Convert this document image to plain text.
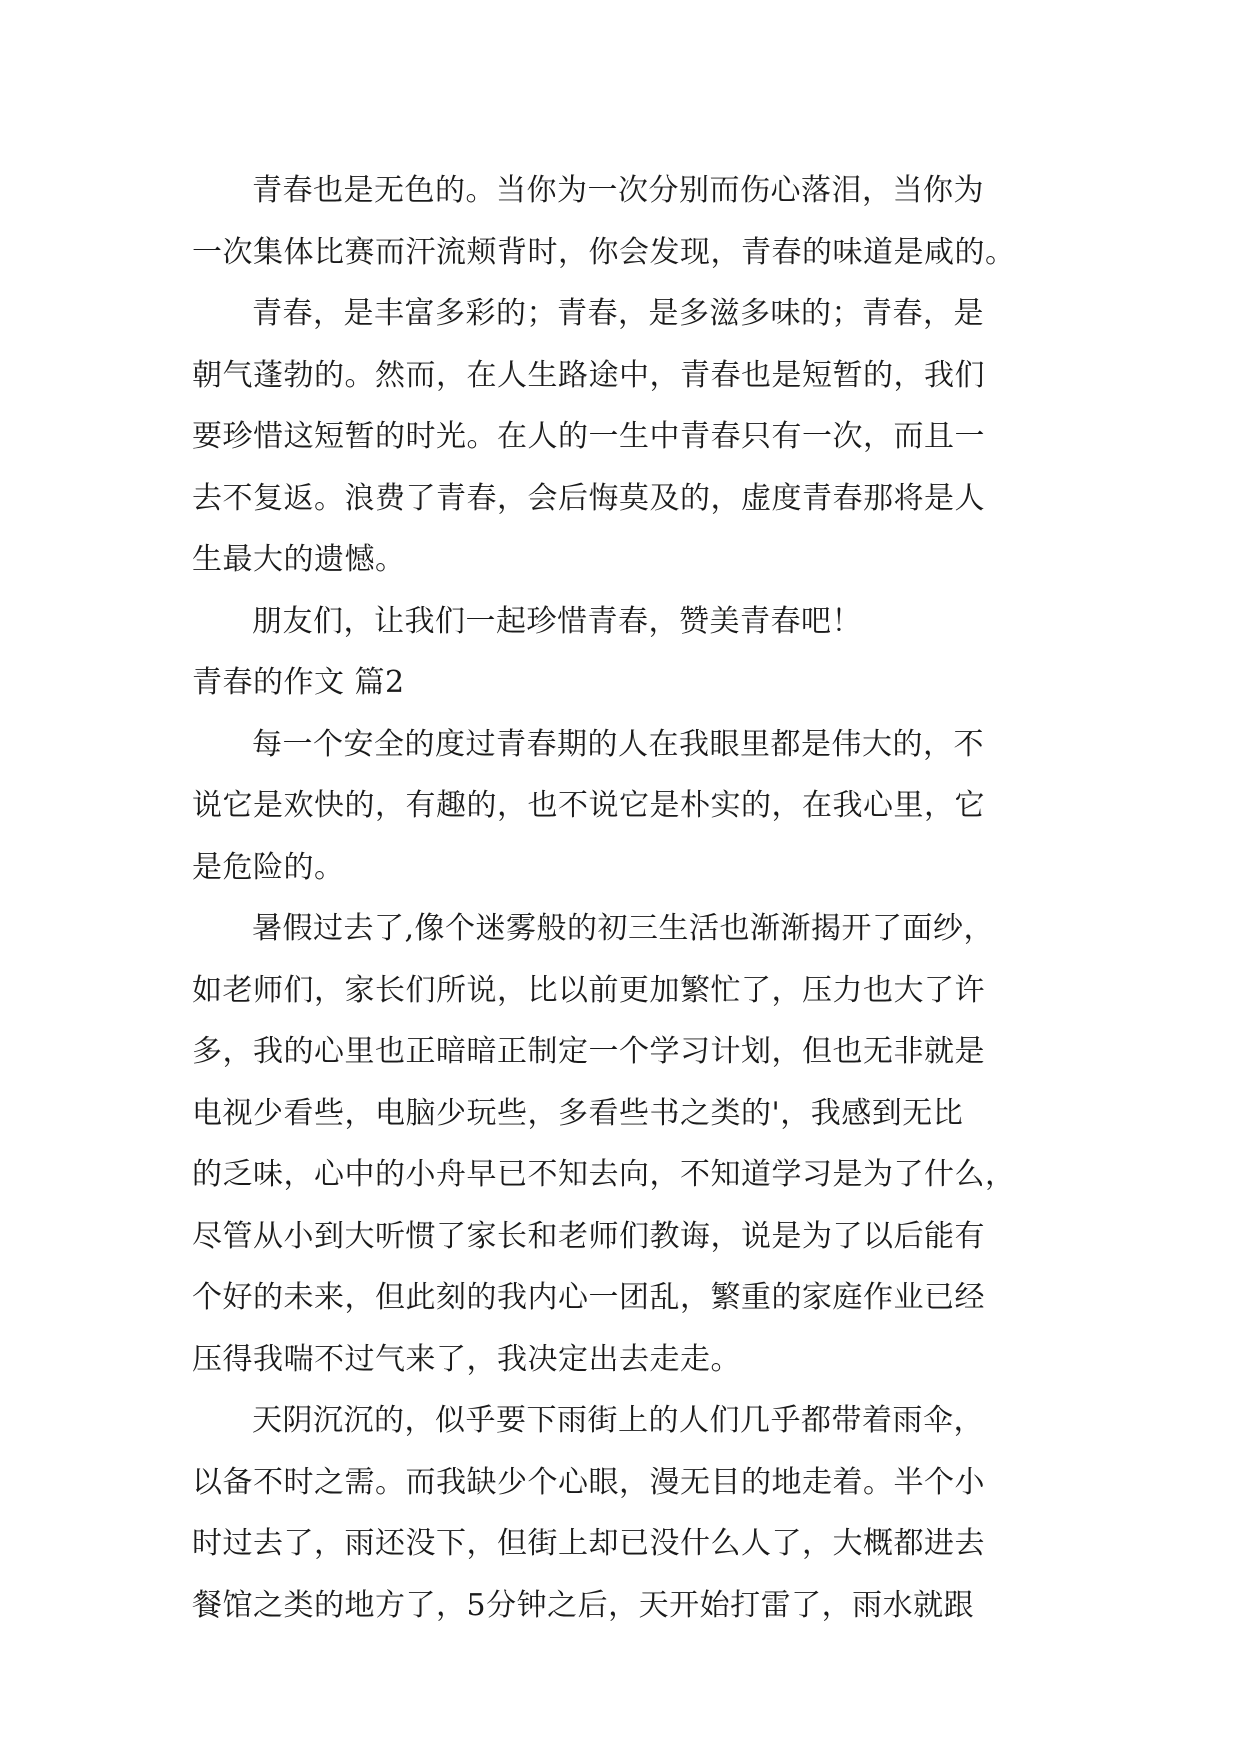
青春也是无色的。当你为一次分别而伤心落泪，当你为
一次集体比赛而汗流颊背时，你会发现，青春的味道是咸的。
青春，是丰富多彩的；青春，是多滋多味的；青春，是
朝气蓬勃的。然而，在人生路途中，青春也是短暂的，我们
要珍惜这短暂的时光。在人的一生中青春只有一次，而且一
去不复返。浪费了青春，会后悔莫及的，虚度青春那将是人
生最大的遗憾。
朋友们，让我们一起珍惜青春，赞美青春吧！
青春的作文 篇2
每一个安全的度过青春期的人在我眼里都是伟大的，不
说它是欢快的，有趣的，也不说它是朴实的，在我心里，它
是危险的。
暑假过去了,像个迷雾般的初三生活也渐渐揭开了面纱，
如老师们，家长们所说，比以前更加繁忙了，压力也大了许
多，我的心里也正暗暗正制定一个学习计划，但也无非就是
电视少看些，电脑少玩些，多看些书之类的'，我感到无比
的乏味，心中的小舟早已不知去向，不知道学习是为了什么，
尽管从小到大听惯了家长和老师们教诲，说是为了以后能有
个好的未来，但此刻的我内心一团乱，繁重的家庭作业已经
压得我喘不过气来了，我决定出去走走。
天阴沉沉的，似乎要下雨街上的人们几乎都带着雨伞，
以备不时之需。而我缺少个心眼，漫无目的地走着。半个小
时过去了，雨还没下，但街上却已没什么人了，大概都进去
餐馆之类的地方了，5分钟之后，天开始打雷了，雨水就跟
